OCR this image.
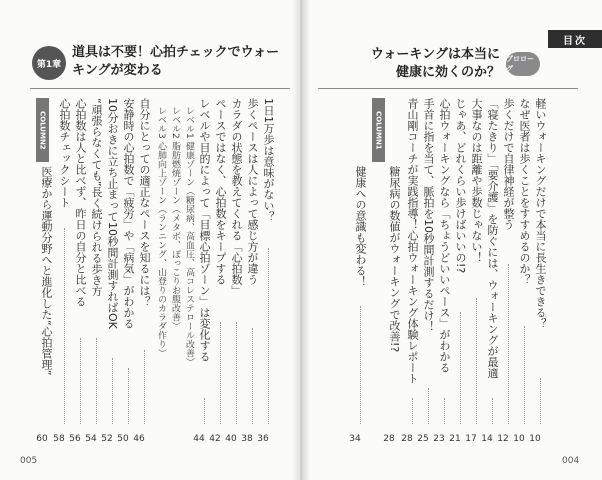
目次
第1章
道具は不要！心拍チェックでウォーキングが変わる
プロローグ
ウォーキングは本当に健康に効くのか？
1日1万歩は意味がない？
36
歩くペースは人によって感じ方が違う
38
カラダの状態を教えてくれる「心拍数」
40
ペースではなく、心拍数をキープする
42
レベルや目的によって「目標心拍ゾーン」は変化する
44
レベル1 健康ゾーン（糖尿病、高血圧、高コレステロール改善）
レベル2 脂肪燃焼ゾーン（メタボ、ぽっこりお腹改善）
レベル3 心肺向上ゾーン（ランニング、山登りのカラダ作り）
自分にとっての適正なペースを知るには？
46
安静時の心拍数で「疲労」や「病気」がわかる
50
10分おきに立ち止まって10秒間計測すればOK
52
“頑張らなくても”長く続けられる歩き方
54
心拍数は人と比べず、昨日の自分と比べる
56
心拍数チェックシート
58
COLUMN2
医療から運動分野へと進化した“心拍管理”
60
軽いウォーキングだけで本当に長生きできる？
10
なぜ医者は歩くことをすすめるのか？
10
歩くだけで自律神経が整う
12
「寝たきり」「要介護」を防ぐには、ウォーキングが最適
14
大事なのは距離や歩数じゃない！
17
じゃあ、どれくらい歩けばいいの!?
21
心拍ウォーキングなら「ちょうどいいペース」がわかる
23
手首に指を当て、脈拍を10秒間計測するだけ！
25
青山剛コーチが実践指導！心拍ウォーキング体験レポート
28
COLUMN1
糖尿病の数値がウォーキングで改善!?
28
健康への意識も変わる！
34
005	004
